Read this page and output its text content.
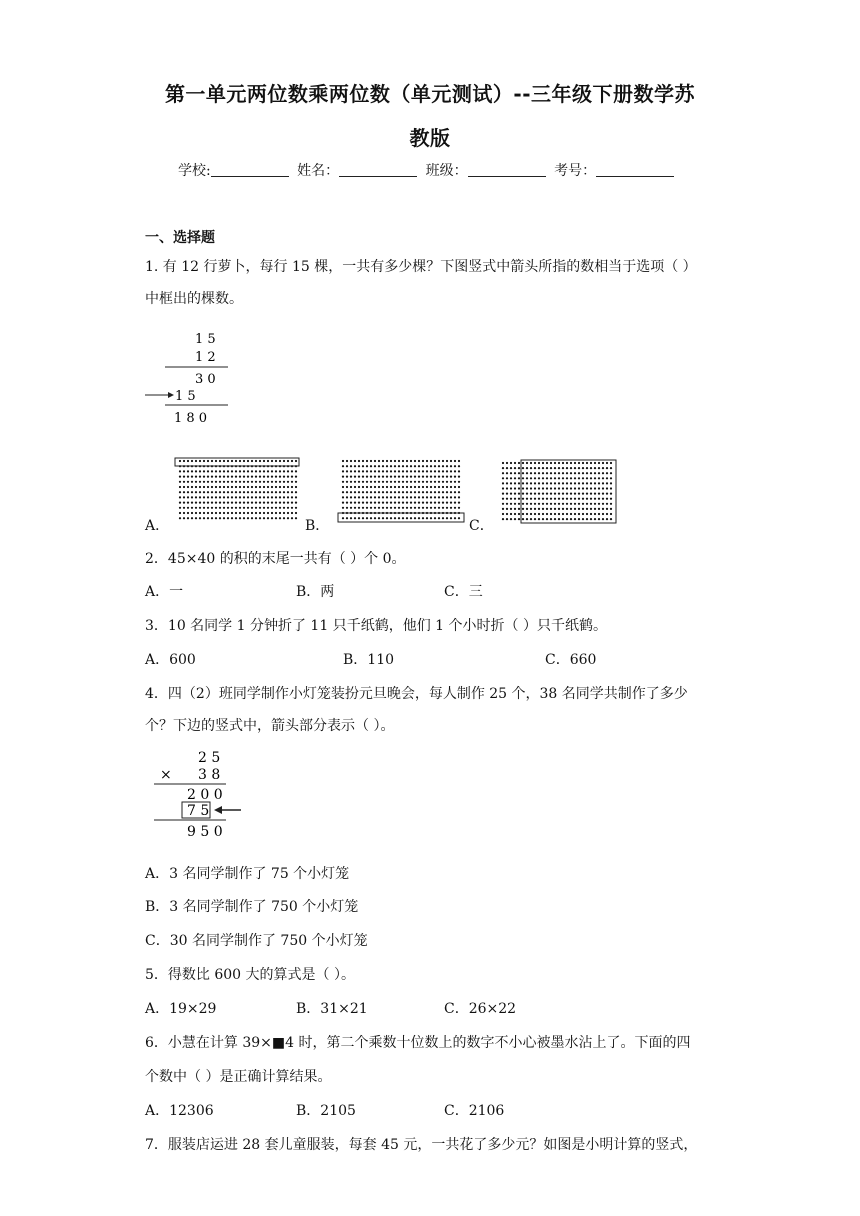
第一单元两位数乘两位数（单元测试）--三年级下册数学苏
教版
学校:	姓名：	班级：	考号：
一、选择题
1. 有 12 行萝卜，每行 15 棵，一共有多少棵？下图竖式中箭头所指的数相当于选项（ ）
中框出的棵数。
1 5
1 2
3 0
1 5
1 8 0
A．	B．	C．
2．45×40 的积的末尾一共有（ ）个 0。
A．一	B．两	C．三
3．10 名同学 1 分钟折了 11 只千纸鹤，他们 1 个小时折（ ）只千纸鹤。
A．600	B．110	C．660
4．四（2）班同学制作小灯笼装扮元旦晚会，每人制作 25 个，38 名同学共制作了多少
个？下边的竖式中，箭头部分表示（ ）。
2 5
× 3 8
2 0 0
7 5
9 5 0
A．3 名同学制作了 75 个小灯笼
B．3 名同学制作了 750 个小灯笼
C．30 名同学制作了 750 个小灯笼
5．得数比 600 大的算式是（ ）。
A．19×29	B．31×21	C．26×22
6．小慧在计算 39×■4 时，第二个乘数十位数上的数字不小心被墨水沾上了。下面的四
个数中（ ）是正确计算结果。
A．12306	B．2105	C．2106
7．服装店运进 28 套儿童服装，每套 45 元，一共花了多少元？如图是小明计算的竖式，
